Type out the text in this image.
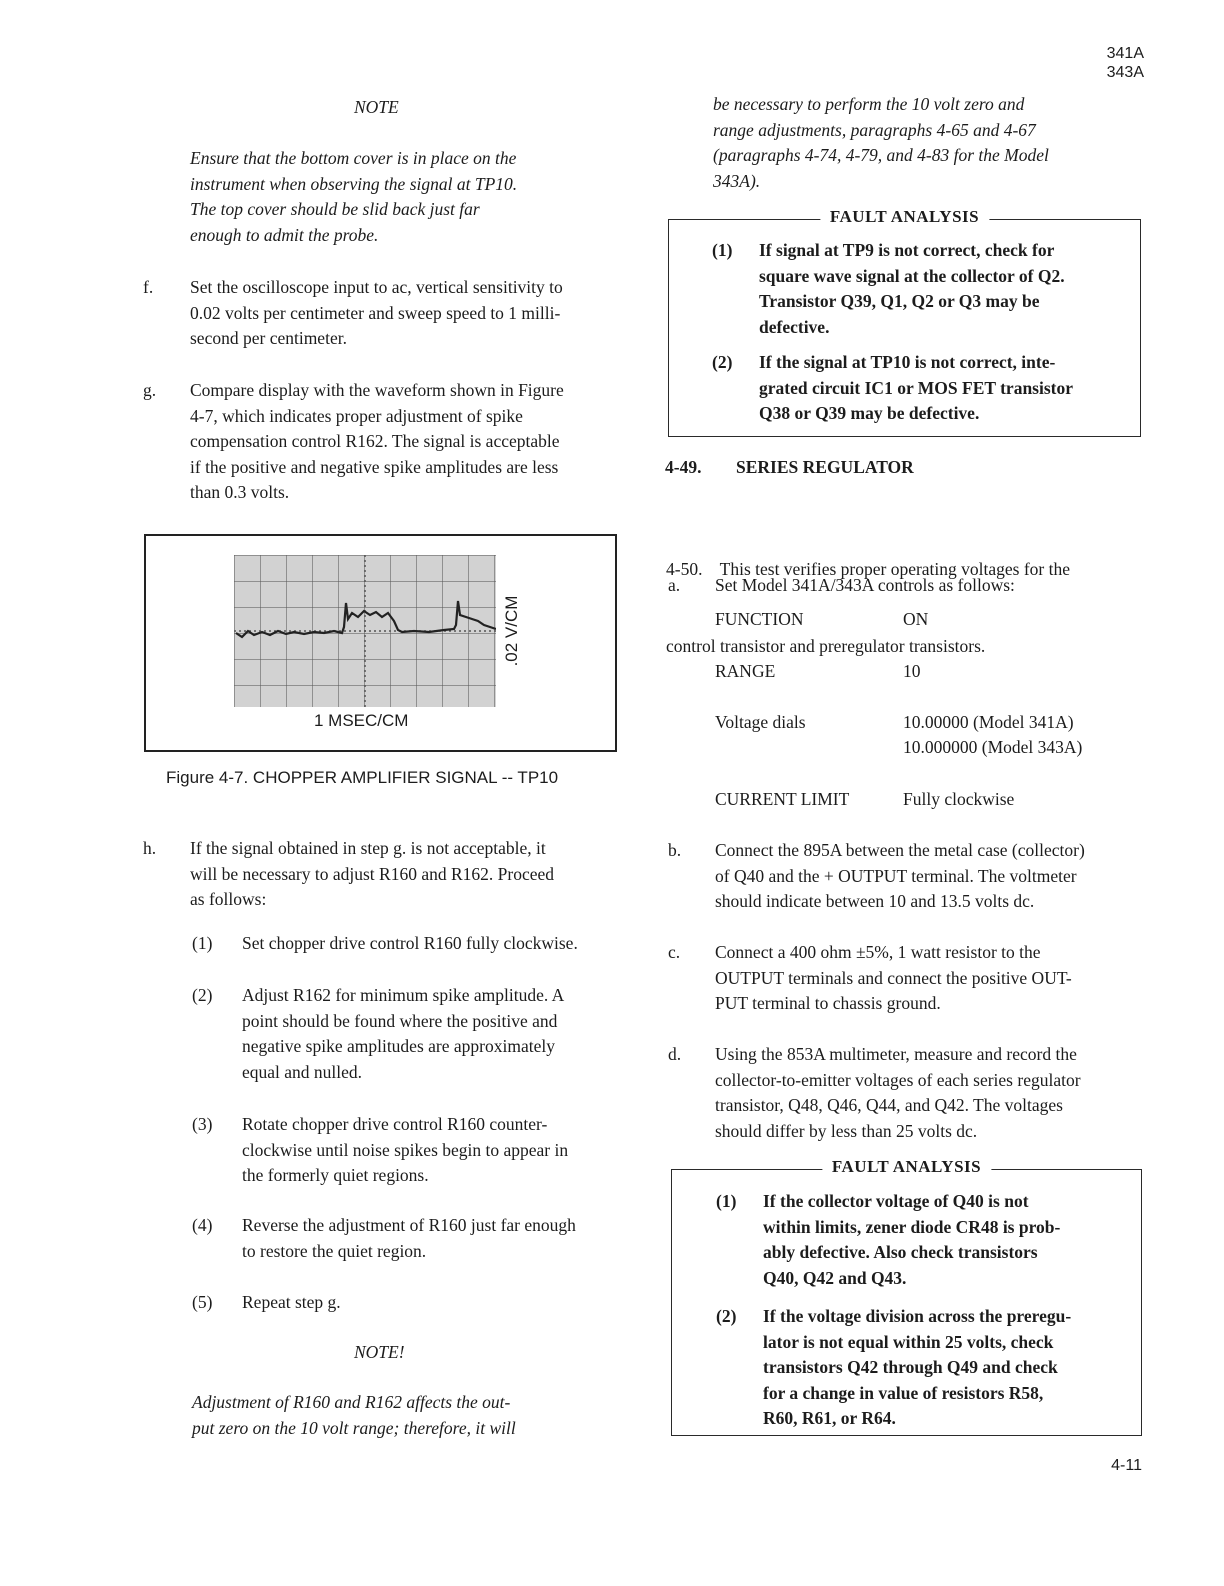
341A
343A
NOTE
Ensure that the bottom cover is in place on the
instrument when observing the signal at TP10.
The top cover should be slid back just far
enough to admit the probe.
f. Set the oscilloscope input to ac, vertical sensitivity to
0.02 volts per centimeter and sweep speed to 1 milli-
second per centimeter.
g. Compare display with the waveform shown in Figure
4-7, which indicates proper adjustment of spike
compensation control R162. The signal is acceptable
if the positive and negative spike amplitudes are less
than 0.3 volts.
.02 V/CM
1 MSEC/CM
Figure 4-7. CHOPPER AMPLIFIER SIGNAL -- TP10
h. If the signal obtained in step g. is not acceptable, it
will be necessary to adjust R160 and R162. Proceed
as follows:
(1) Set chopper drive control R160 fully clockwise.
(2) Adjust R162 for minimum spike amplitude. A
point should be found where the positive and
negative spike amplitudes are approximately
equal and nulled.
(3) Rotate chopper drive control R160 counter-
clockwise until noise spikes begin to appear in
the formerly quiet regions.
(4) Reverse the adjustment of R160 just far enough
to restore the quiet region.
(5) Repeat step g.
NOTE!
Adjustment of R160 and R162 affects the out-
put zero on the 10 volt range; therefore, it will
be necessary to perform the 10 volt zero and
range adjustments, paragraphs 4-65 and 4-67
(paragraphs 4-74, 4-79, and 4-83 for the Model
343A).
FAULT ANALYSIS
(1) If signal at TP9 is not correct, check for
square wave signal at the collector of Q2.
Transistor Q39, Q1, Q2 or Q3 may be
defective.
(2) If the signal at TP10 is not correct, inte-
grated circuit IC1 or MOS FET transistor
Q38 or Q39 may be defective.
4-49. SERIES REGULATOR

4-50.    This test verifies proper operating voltages for the

control transistor and preregulator transistors.

a. Set Model 341A/343A controls as follows:
FUNCTION	ON
RANGE	10
Voltage dials	10.00000 (Model 341A)
10.000000 (Model 343A)
CURRENT LIMIT	Fully clockwise
b. Connect the 895A between the metal case (collector)
of Q40 and the + OUTPUT terminal. The voltmeter
should indicate between 10 and 13.5 volts dc.
c. Connect a 400 ohm ±5%, 1 watt resistor to the
OUTPUT terminals and connect the positive OUT-
PUT terminal to chassis ground.
d. Using the 853A multimeter, measure and record the
collector-to-emitter voltages of each series regulator
transistor, Q48, Q46, Q44, and Q42. The voltages
should differ by less than 25 volts dc.
FAULT ANALYSIS
(1) If the collector voltage of Q40 is not
within limits, zener diode CR48 is prob-
ably defective. Also check transistors
Q40, Q42 and Q43.
(2) If the voltage division across the preregu-
lator is not equal within 25 volts, check
transistors Q42 through Q49 and check
for a change in value of resistors R58,
R60, R61, or R64.
4-11
